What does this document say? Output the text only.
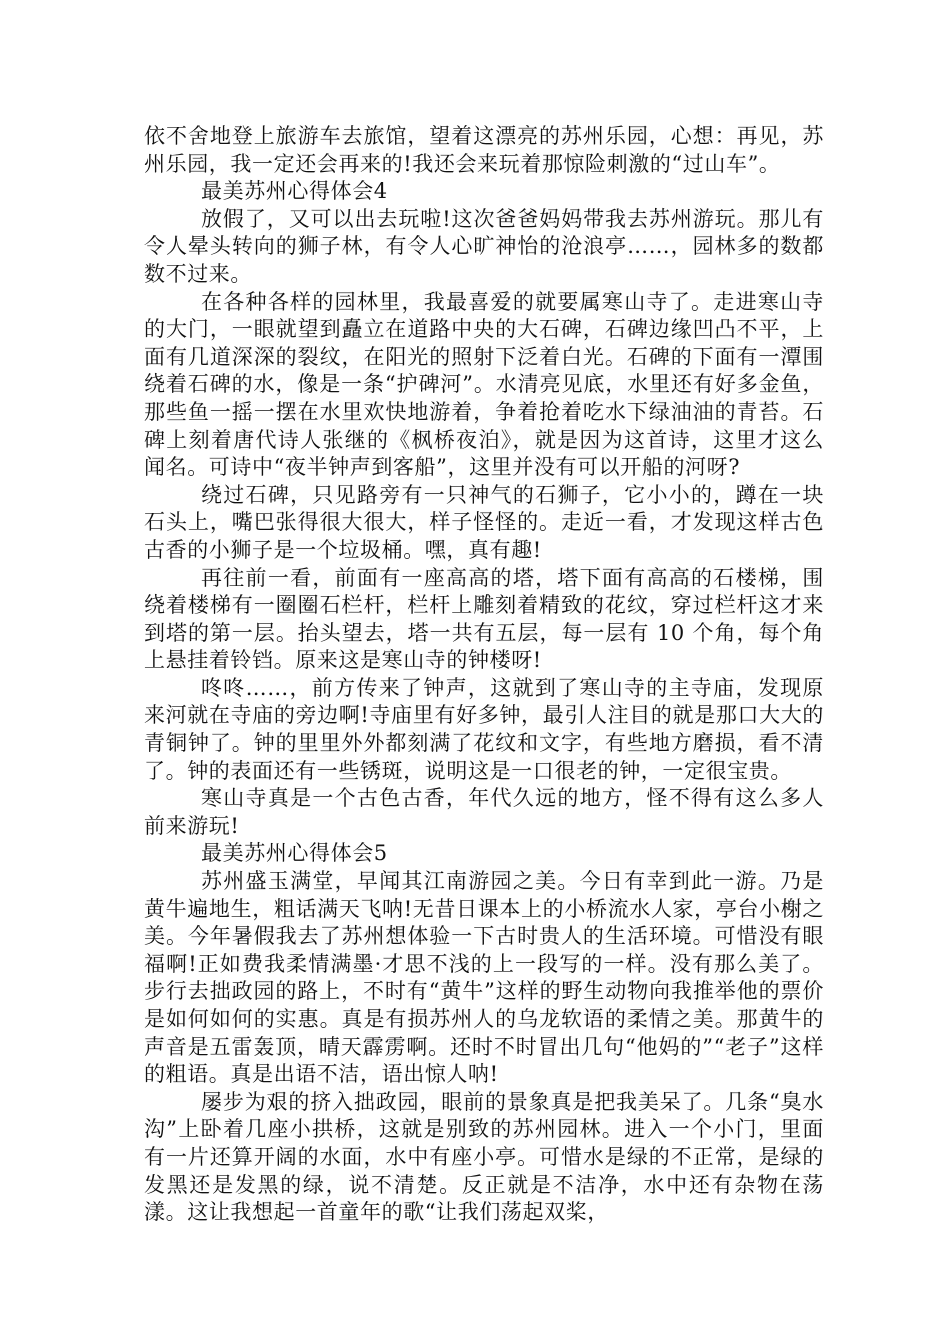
依不舍地登上旅游车去旅馆，望着这漂亮的苏州乐园，心想：再见，苏州乐园，我一定还会再来的!我还会来玩着那惊险刺激的“过山车”。

最美苏州心得体会4

放假了，又可以出去玩啦!这次爸爸妈妈带我去苏州游玩。那儿有令人晕头转向的狮子林，有令人心旷神怡的沧浪亭……，园林多的数都数不过来。

在各种各样的园林里，我最喜爱的就要属寒山寺了。走进寒山寺的大门，一眼就望到矗立在道路中央的大石碑，石碑边缘凹凸不平，上面有几道深深的裂纹，在阳光的照射下泛着白光。石碑的下面有一潭围绕着石碑的水，像是一条“护碑河”。水清亮见底，水里还有好多金鱼，那些鱼一摇一摆在水里欢快地游着，争着抢着吃水下绿油油的青苔。石碑上刻着唐代诗人张继的《枫桥夜泊》，就是因为这首诗，这里才这么闻名。可诗中“夜半钟声到客船”，这里并没有可以开船的河呀?

绕过石碑，只见路旁有一只神气的石狮子，它小小的，蹲在一块石头上，嘴巴张得很大很大，样子怪怪的。走近一看，才发现这样古色古香的小狮子是一个垃圾桶。嘿，真有趣!

再往前一看，前面有一座高高的塔，塔下面有高高的石楼梯，围绕着楼梯有一圈圈石栏杆，栏杆上雕刻着精致的花纹，穿过栏杆这才来到塔的第一层。抬头望去，塔一共有五层，每一层有 10 个角，每个角上悬挂着铃铛。原来这是寒山寺的钟楼呀!

咚咚……，前方传来了钟声，这就到了寒山寺的主寺庙，发现原来河就在寺庙的旁边啊!寺庙里有好多钟，最引人注目的就是那口大大的青铜钟了。钟的里里外外都刻满了花纹和文字，有些地方磨损，看不清了。钟的表面还有一些锈斑，说明这是一口很老的钟，一定很宝贵。

寒山寺真是一个古色古香，年代久远的地方，怪不得有这么多人前来游玩!

最美苏州心得体会5

苏州盛玉满堂，早闻其江南游园之美。今日有幸到此一游。乃是黄牛遍地生，粗话满天飞呐!无昔日课本上的小桥流水人家，亭台小榭之美。今年暑假我去了苏州想体验一下古时贵人的生活环境。可惜没有眼福啊!正如费我柔情满墨·才思不浅的上一段写的一样。没有那么美了。步行去拙政园的路上，不时有“黄牛”这样的野生动物向我推举他的票价是如何如何的实惠。真是有损苏州人的乌龙软语的柔情之美。那黄牛的声音是五雷轰顶，晴天霹雳啊。还时不时冒出几句“他妈的”“老子”这样的粗语。真是出语不洁，语出惊人呐!

屡步为艰的挤入拙政园，眼前的景象真是把我美呆了。几条“臭水沟”上卧着几座小拱桥，这就是别致的苏州园林。进入一个小门，里面有一片还算开阔的水面，水中有座小亭。可惜水是绿的不正常，是绿的发黑还是发黑的绿，说不清楚。反正就是不洁净，水中还有杂物在荡漾。这让我想起一首童年的歌“让我们荡起双桨，
